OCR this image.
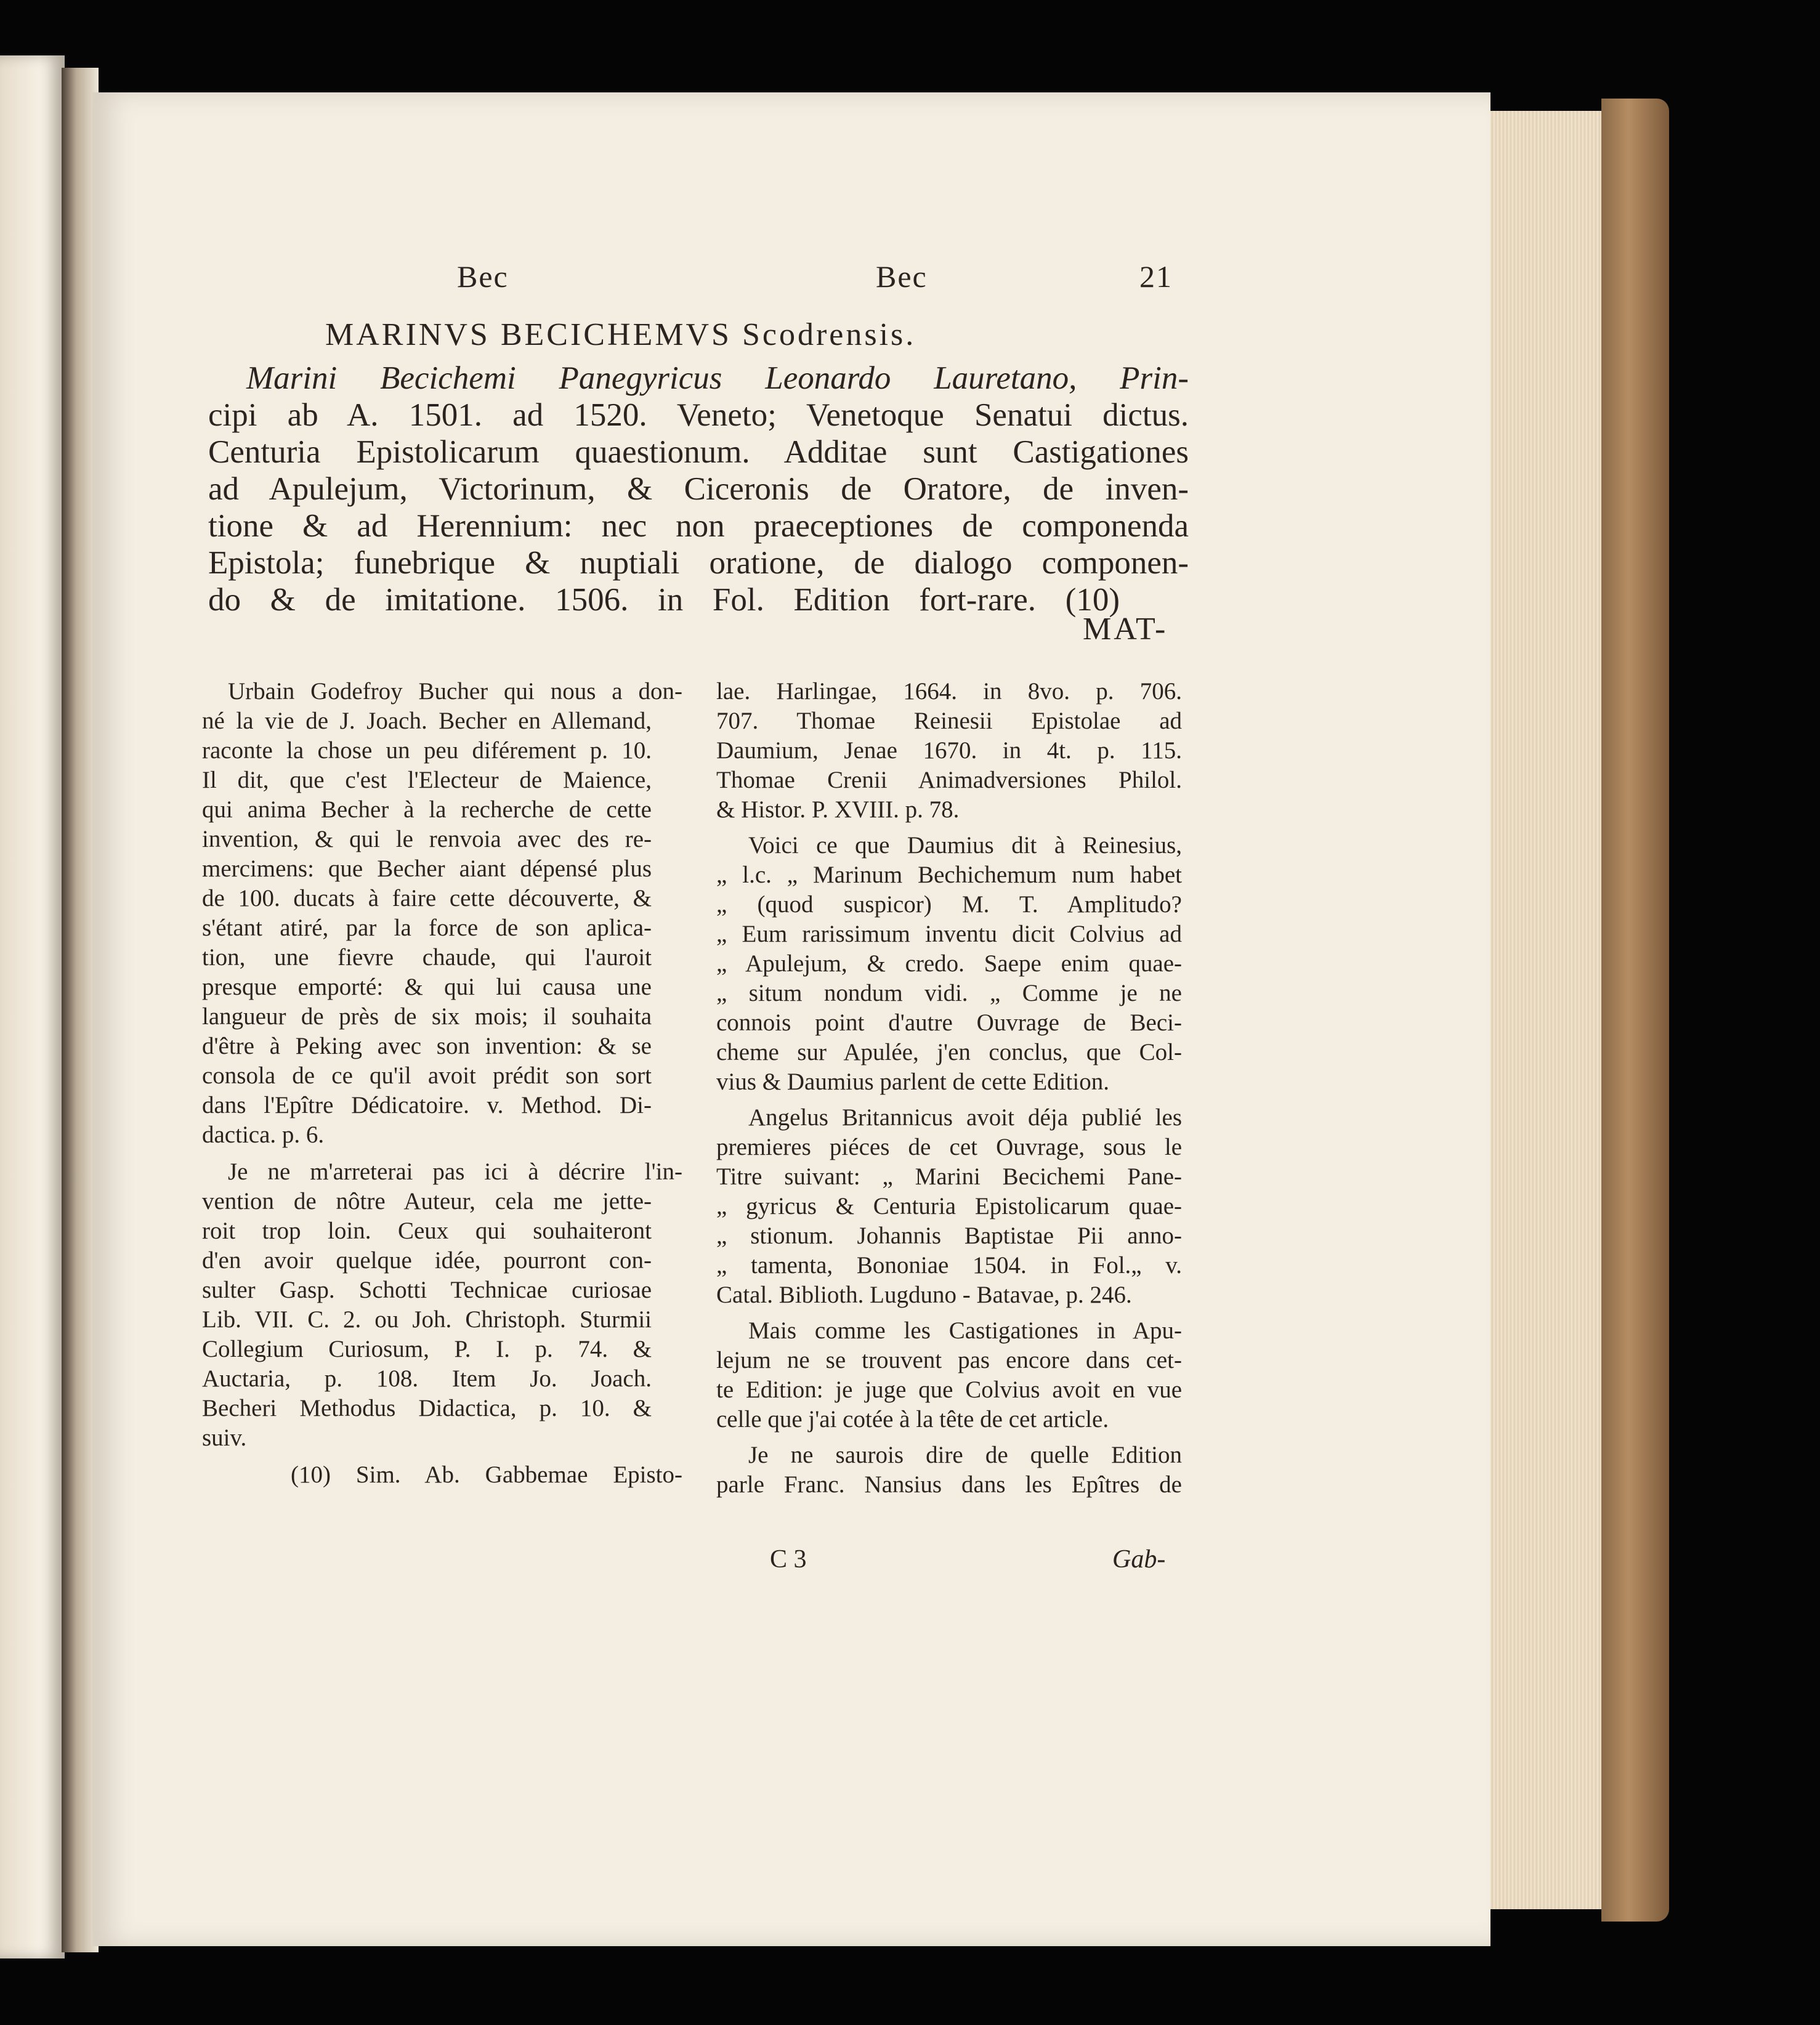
Bec	Bec	21
MARINVS BECICHEMVS Scodrensis.
Marini Becichemi Panegyricus Leonardo Lauretano, Prin-
cipi ab A. 1501. ad 1520. Veneto; Venetoque Senatui dictus.
Centuria Epistolicarum quaestionum. Additae sunt Castigationes
ad Apulejum, Victorinum, & Ciceronis de Oratore, de inven-
tione & ad Herennium: nec non praeceptiones de componenda
Epistola; funebrique & nuptiali oratione, de dialogo componen-
do & de imitatione. 1506. in Fol. Edition fort-rare. (10)
MAT-
Urbain Godefroy Bucher qui nous a don-
né la vie de J. Joach. Becher en Allemand,
raconte la chose un peu diférement p. 10.
Il dit, que c'est l'Electeur de Maience,
qui anima Becher à la recherche de cette
invention, & qui le renvoia avec des re-
mercimens: que Becher aiant dépensé plus
de 100. ducats à faire cette découverte, &
s'étant atiré, par la force de son aplica-
tion, une fievre chaude, qui l'auroit
presque emporté: & qui lui causa une
langueur de près de six mois; il souhaita
d'être à Peking avec son invention: & se
consola de ce qu'il avoit prédit son sort
dans l'Epître Dédicatoire. v. Method. Di-
dactica. p. 6.
Je ne m'arreterai pas ici à décrire l'in-
vention de nôtre Auteur, cela me jette-
roit trop loin. Ceux qui souhaiteront
d'en avoir quelque idée, pourront con-
sulter Gasp. Schotti Technicae curiosae
Lib. VII. C. 2. ou Joh. Christoph. Sturmii
Collegium Curiosum, P. I. p. 74. &
Auctaria, p. 108. Item Jo. Joach.
Becheri Methodus Didactica, p. 10. &
suiv.
(10) Sim. Ab. Gabbemae Episto-
lae. Harlingae, 1664. in 8vo. p. 706.
707. Thomae Reinesii Epistolae ad
Daumium, Jenae 1670. in 4t. p. 115.
Thomae Crenii Animadversiones Philol.
& Histor. P. XVIII. p. 78.
Voici ce que Daumius dit à Reinesius,
„ l.c. „ Marinum Bechichemum num habet
„ (quod suspicor) M. T. Amplitudo?
„ Eum rarissimum inventu dicit Colvius ad
„ Apulejum, & credo. Saepe enim quae-
„ situm nondum vidi. „ Comme je ne
connois point d'autre Ouvrage de Beci-
cheme sur Apulée, j'en conclus, que Col-
vius & Daumius parlent de cette Edition.
Angelus Britannicus avoit déja publié les
premieres piéces de cet Ouvrage, sous le
Titre suivant: „ Marini Becichemi Pane-
„ gyricus & Centuria Epistolicarum quae-
„ stionum. Johannis Baptistae Pii anno-
„ tamenta, Bononiae 1504. in Fol.„ v.
Catal. Biblioth. Lugduno - Batavae, p. 246.
Mais comme les Castigationes in Apu-
lejum ne se trouvent pas encore dans cet-
te Edition: je juge que Colvius avoit en vue
celle que j'ai cotée à la tête de cet article.
Je ne saurois dire de quelle Edition
parle Franc. Nansius dans les Epîtres de
C 3	Gab-
